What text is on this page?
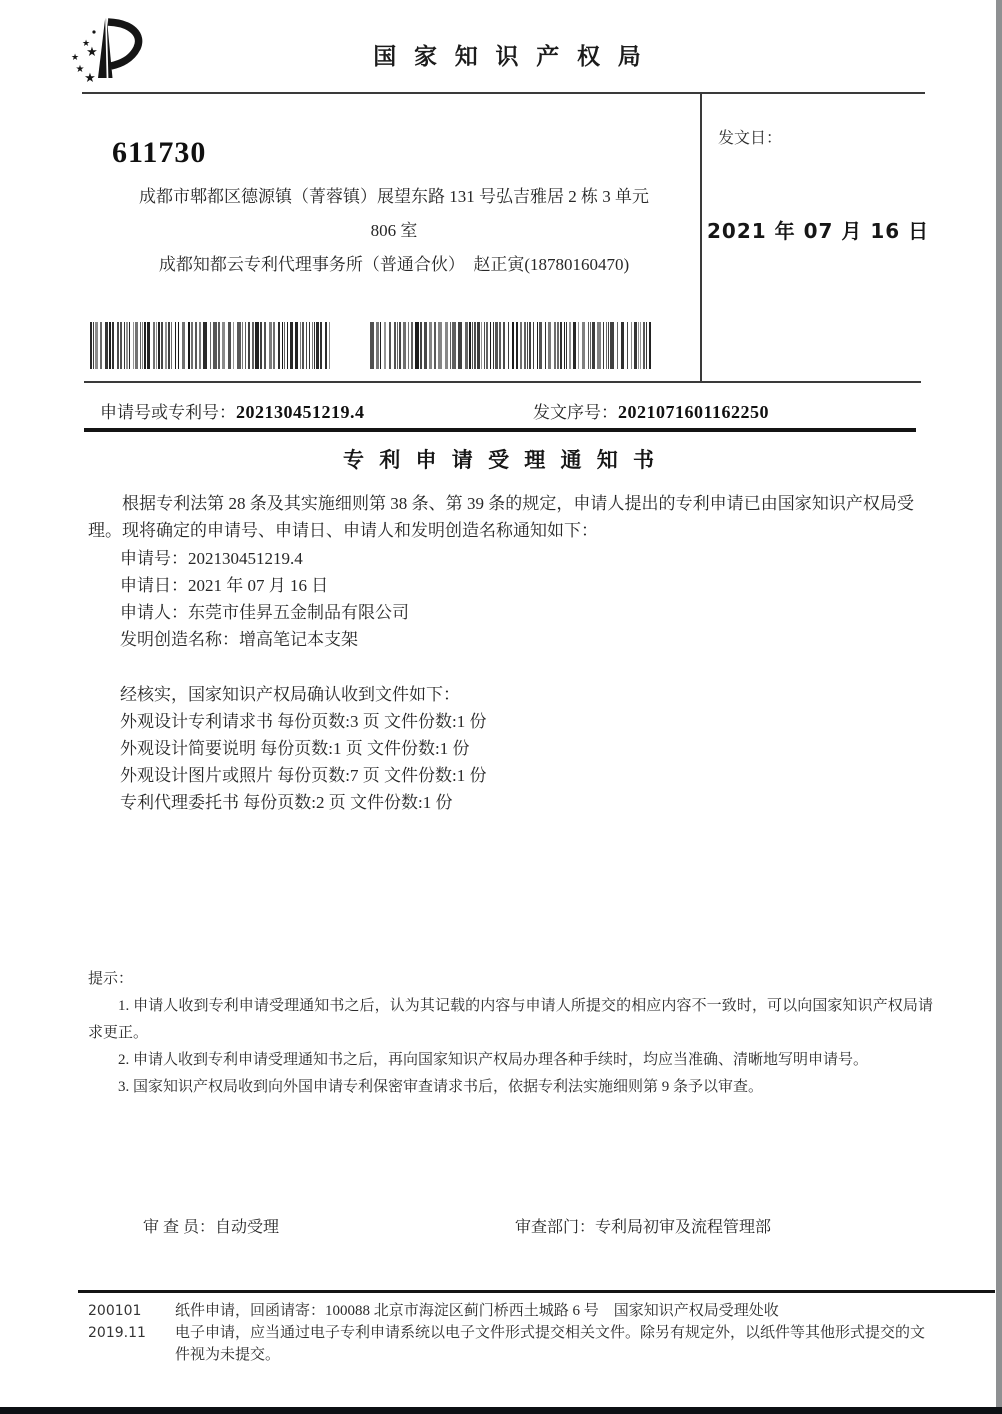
★
★
★
★
★
国 家 知 识 产 权 局
611730
成都市郫都区德源镇（菁蓉镇）展望东路 131 号弘吉雅居 2 栋 3 单元
806 室
成都知都云专利代理事务所（普通合伙）　赵正寅(18780160470)
发文日：
2021 年 07 月 16 日
申请号或专利号：202130451219.4	发文序号：2021071601162250
专 利 申 请 受 理 通 知 书

根据专利法第 28 条及其实施细则第 38 条、第 39 条的规定，申请人提出的专利申请已由国家知识产权局受理。现将确定的申请号、申请日、申请人和发明创造名称通知如下：

申请号：202130451219.4
申请日：2021 年 07 月 16 日
申请人：东莞市佳昇五金制品有限公司
发明创造名称：增高笔记本支架
经核实，国家知识产权局确认收到文件如下：
外观设计专利请求书 每份页数:3 页 文件份数:1 份
外观设计简要说明 每份页数:1 页 文件份数:1 份
外观设计图片或照片 每份页数:7 页 文件份数:1 份
专利代理委托书 每份页数:2 页 文件份数:1 份
提示：
1. 申请人收到专利申请受理通知书之后，认为其记载的内容与申请人所提交的相应内容不一致时，可以向国家知识产权局请求更正。
2. 申请人收到专利申请受理通知书之后，再向国家知识产权局办理各种手续时，均应当准确、清晰地写明申请号。
3. 国家知识产权局收到向外国申请专利保密审查请求书后，依据专利法实施细则第 9 条予以审查。
审 查 员：自动受理	审查部门：专利局初审及流程管理部
200101	纸件申请，回函请寄：100088 北京市海淀区蓟门桥西土城路 6 号　国家知识产权局受理处收
2019.11	电子申请，应当通过电子专利申请系统以电子文件形式提交相关文件。除另有规定外，以纸件等其他形式提交的文件视为未提交。
